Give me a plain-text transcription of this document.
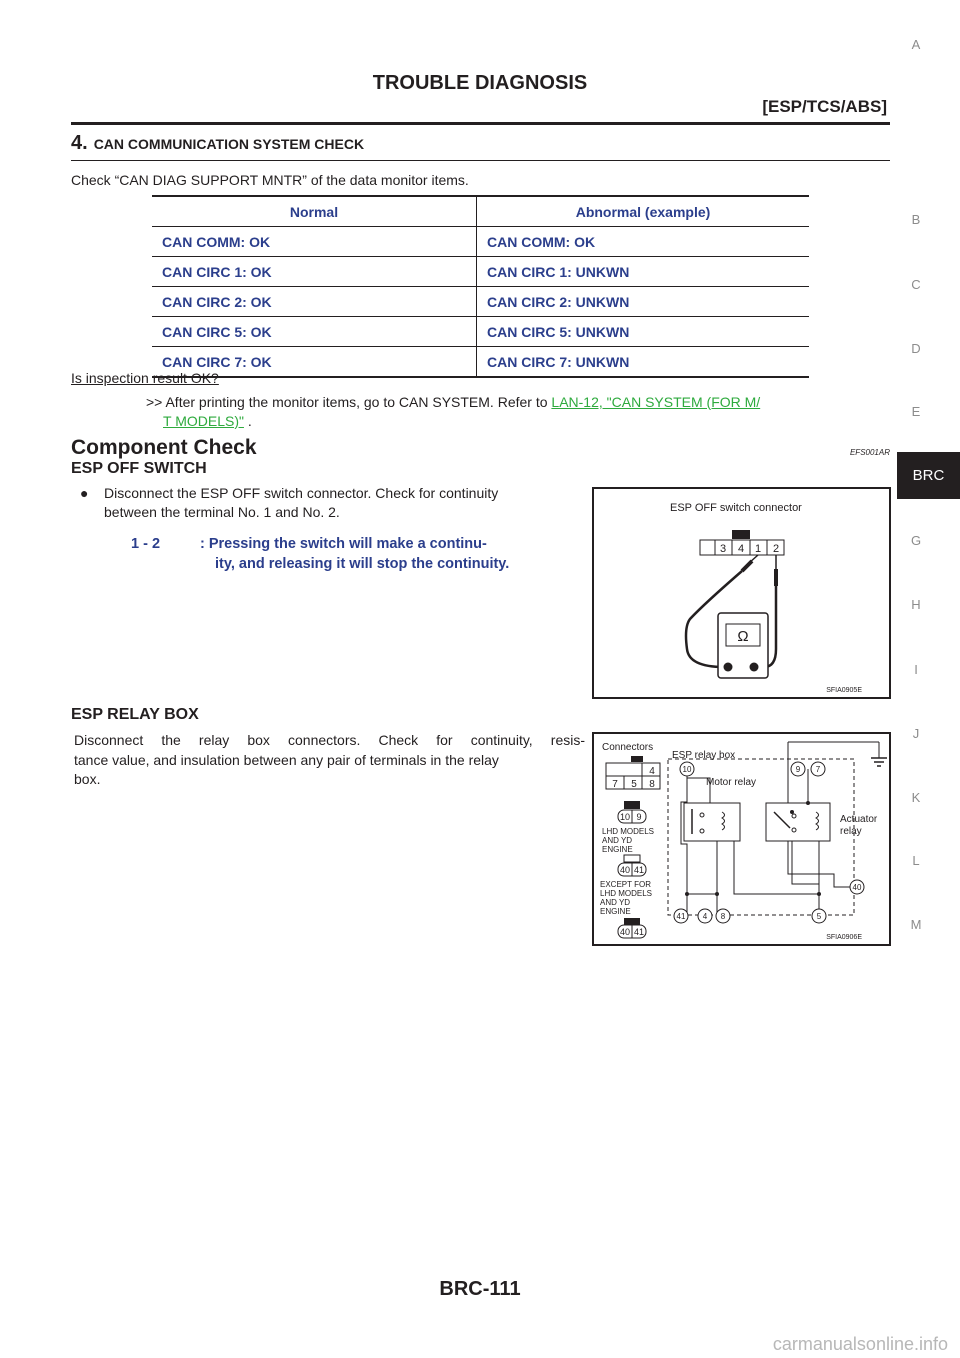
TROUBLE DIAGNOSIS
[ESP/TCS/ABS]
4. CAN COMMUNICATION SYSTEM CHECK
Check “CAN DIAG SUPPORT MNTR” of the data monitor items.
Normal	Abnormal (example)
CAN COMM: OK	CAN COMM: OK
CAN CIRC 1: OK	CAN CIRC 1: UNKWN
CAN CIRC 2: OK	CAN CIRC 2: UNKWN
CAN CIRC 5: OK	CAN CIRC 5: UNKWN
CAN CIRC 7: OK	CAN CIRC 7: UNKWN
Is inspection result OK?
>> After printing the monitor items, go to CAN SYSTEM. Refer to LAN-12, "CAN SYSTEM (FOR M/
T MODELS)" .
Component Check	EFS001AR
ESP OFF SWITCH
● Disconnect the ESP OFF switch connector. Check for continuity
between the terminal No. 1 and No. 2.
1 - 2	: Pressing the switch will make a continu-
ity, and releasing it will stop the continuity.
ESP OFF switch connector
3 4 1 2
Ω
SFIA0905E
ESP RELAY BOX
Disconnect the relay box connectors. Check for continuity, resis-
tance value, and insulation between any pair of terminals in the relay
box.
Connectors
4
7 5 8
10 9
LHD MODELS
AND YD
ENGINE
40 41
EXCEPT FOR
LHD MODELS
AND YD
ENGINE
40 41
ESP relay box
Motor relay
Actuator
relay
10	9 7
40
41 4 8	5
SFIA0906E
A
B
C
D
E
BRC
G
H
I
J
K
L
M
BRC-111
carmanualsonline.info
